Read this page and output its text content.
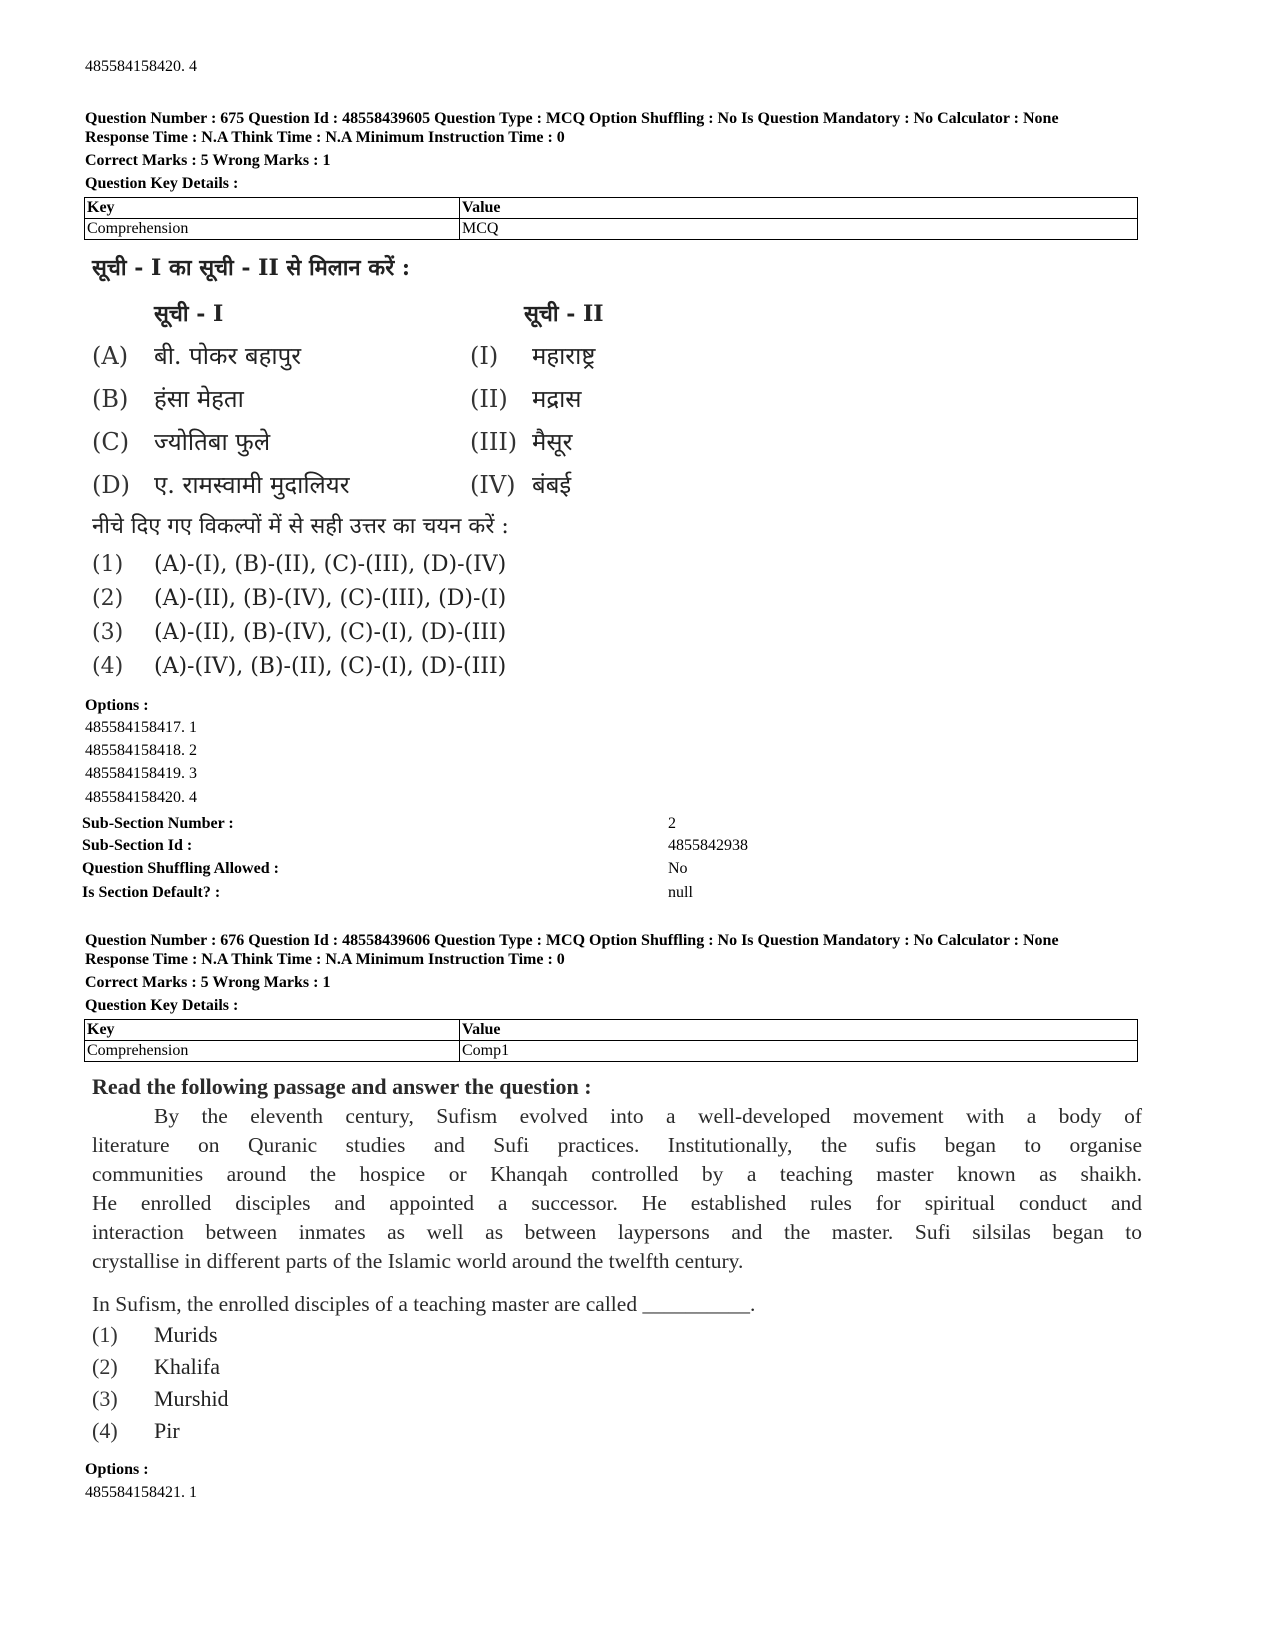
485584158420. 4
Question Number : 675 Question Id : 48558439605 Question Type : MCQ Option Shuffling : No Is Question Mandatory : No Calculator : None
Response Time : N.A Think Time : N.A Minimum Instruction Time : 0
Correct Marks : 5 Wrong Marks : 1
Question Key Details :
Key	Value
Comprehension	MCQ
सूची - I का सूची - II से मिलान करें :
सूची - I	सूची - II
(A) बी. पोकर बहापुर	(I) महाराष्ट्र
(B) हंसा मेहता	(II) मद्रास
(C) ज्योतिबा फुले	(III) मैसूर
(D) ए. रामस्वामी मुदालियर	(IV) बंबई
नीचे दिए गए विकल्पों में से सही उत्तर का चयन करें :
(1) (A)-(I), (B)-(II), (C)-(III), (D)-(IV)
(2) (A)-(II), (B)-(IV), (C)-(III), (D)-(I)
(3) (A)-(II), (B)-(IV), (C)-(I), (D)-(III)
(4) (A)-(IV), (B)-(II), (C)-(I), (D)-(III)
Options :
485584158417. 1
485584158418. 2
485584158419. 3
485584158420. 4
Sub-Section Number :	2
Sub-Section Id :	4855842938
Question Shuffling Allowed :	No
Is Section Default? :	null
Question Number : 676 Question Id : 48558439606 Question Type : MCQ Option Shuffling : No Is Question Mandatory : No Calculator : None
Response Time : N.A Think Time : N.A Minimum Instruction Time : 0
Correct Marks : 5 Wrong Marks : 1
Question Key Details :
Key	Value
Comprehension	Comp1
Read the following passage and answer the question :

By the eleventh century, Sufism evolved into a well-developed movement with a body of

literature on Quranic studies and Sufi practices. Institutionally, the sufis began to organise

communities around the hospice or Khanqah controlled by a teaching master known as shaikh.

He enrolled disciples and appointed a successor. He established rules for spiritual conduct and

interaction between inmates as well as between laypersons and the master. Sufi silsilas began to

crystallise in different parts of the Islamic world around the twelfth century.

In Sufism, the enrolled disciples of a teaching master are called __________.
(1) Murids
(2) Khalifa
(3) Murshid
(4) Pir
Options :
485584158421. 1
